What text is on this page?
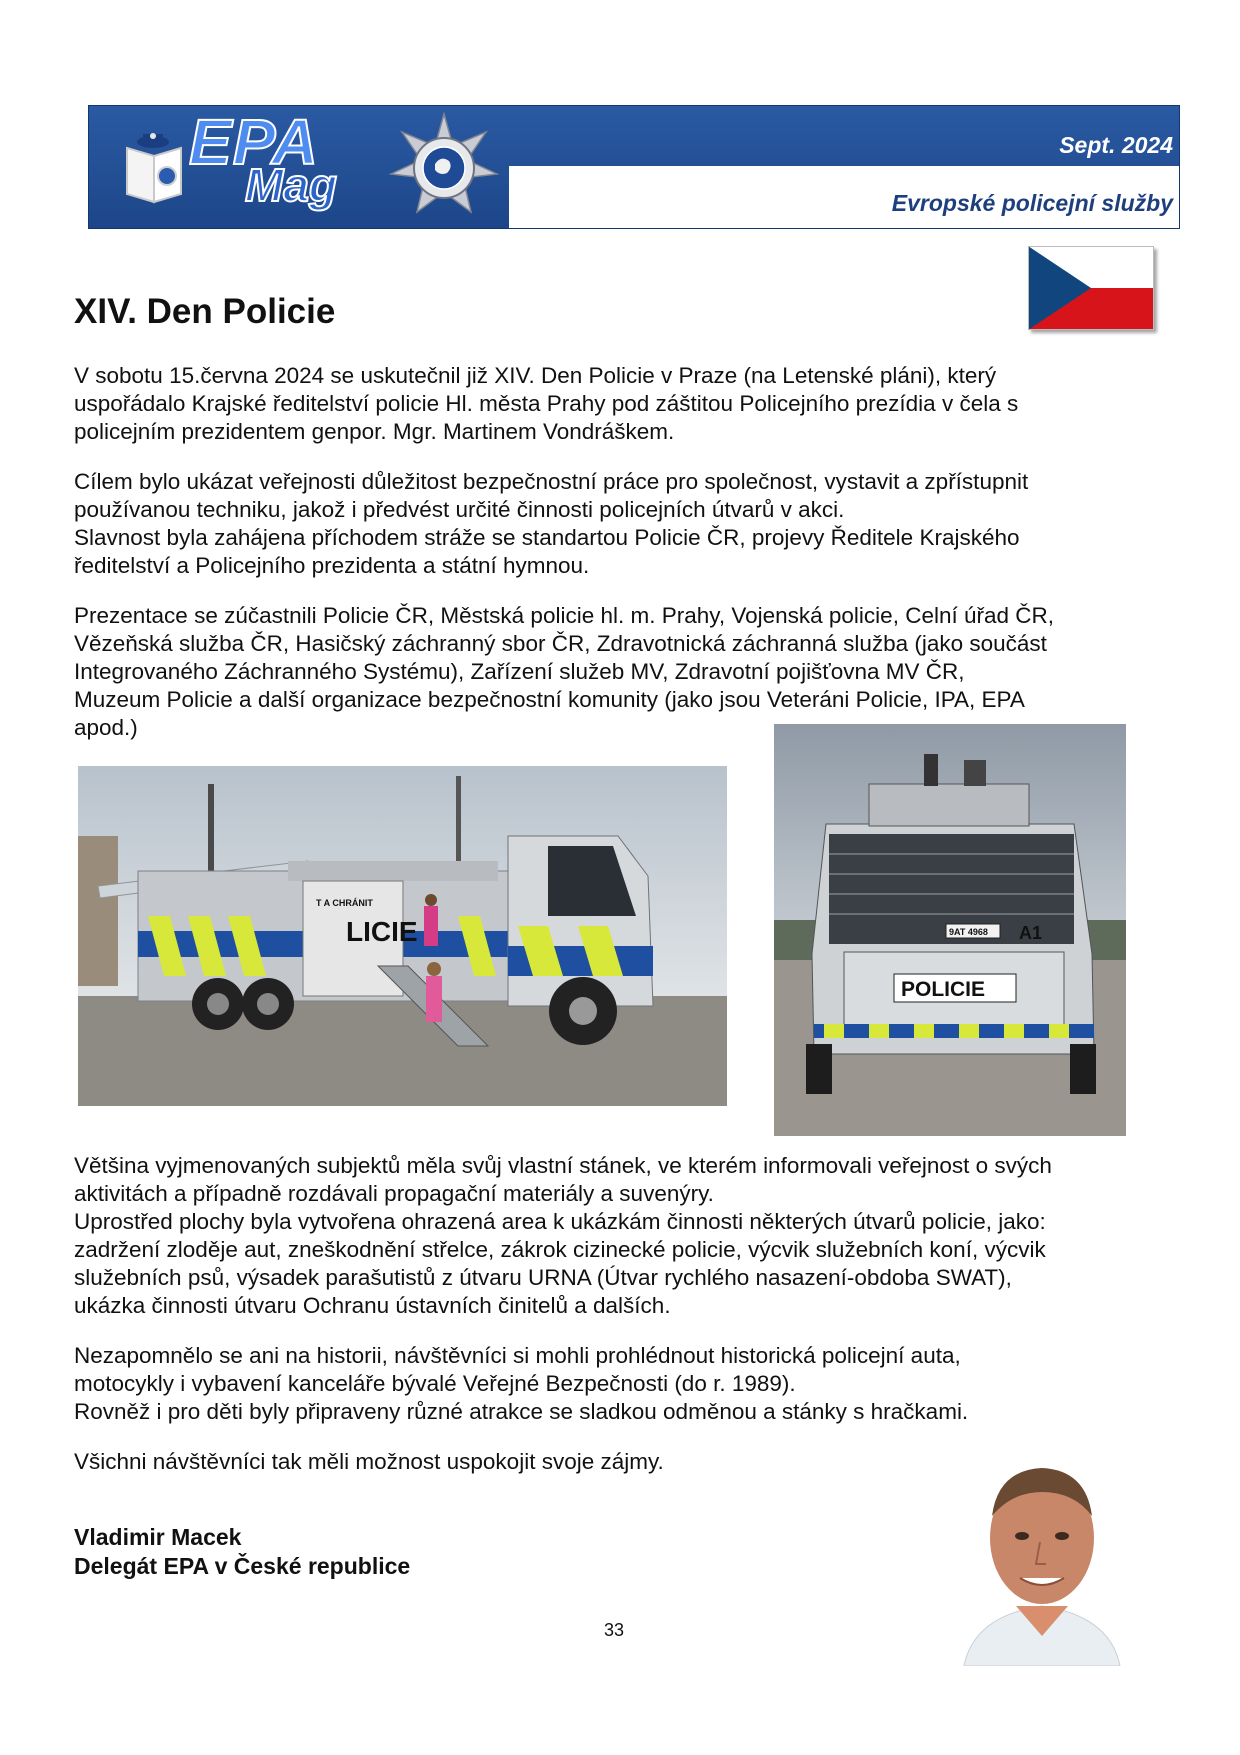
EPA
Mag
Sept. 2024
Evropské policejní služby
XIV. Den Policie
V sobotu 15.června 2024 se uskutečnil již XIV. Den Policie v Praze (na Letenské pláni), který
uspořádalo Krajské ředitelství policie Hl. města Prahy pod záštitou Policejního prezídia v čela s
policejním prezidentem genpor. Mgr. Martinem Vondráškem.
Cílem bylo ukázat veřejnosti důležitost bezpečnostní práce pro společnost, vystavit a zpřístupnit
používanou techniku, jakož i předvést určité činnosti policejních útvarů v akci.
Slavnost byla zahájena příchodem stráže se standartou Policie ČR, projevy Ředitele Krajského
ředitelství a Policejního prezidenta a státní hymnou.
Prezentace se zúčastnili Policie ČR, Městská policie hl. m. Prahy, Vojenská policie, Celní úřad ČR,
Vězeňská služba ČR, Hasičský záchranný sbor ČR, Zdravotnická záchranná služba (jako součást
Integrovaného Záchranného Systému), Zařízení služeb MV, Zdravotní pojišťovna MV ČR,
Muzeum Policie a další organizace bezpečnostní komunity (jako jsou Veteráni Policie, IPA, EPA
apod.)
LICIE
T A CHRÁNIT
9AT 4968 A1
POLICIE
Většina vyjmenovaných subjektů měla svůj vlastní stánek, ve kterém informovali veřejnost o svých
aktivitách a případně rozdávali propagační materiály a suvenýry.
Uprostřed plochy byla vytvořena ohrazená area k ukázkám činnosti některých útvarů policie, jako:
zadržení zloděje aut, zneškodnění střelce, zákrok cizinecké policie, výcvik služebních koní, výcvik
služebních psů, výsadek parašutistů z útvaru URNA (Útvar rychlého nasazení-obdoba SWAT),
ukázka činnosti útvaru Ochranu ústavních činitelů a dalších.
Nezapomnělo se ani na historii, návštěvníci si mohli prohlédnout historická policejní auta,
motocykly i vybavení kanceláře bývalé Veřejné Bezpečnosti (do r. 1989).
Rovněž i pro děti byly připraveny různé atrakce se sladkou odměnou a stánky s hračkami.
Všichni návštěvníci tak měli možnost uspokojit svoje zájmy.

Vladimir Macek

Delegát EPA v České republice

33
